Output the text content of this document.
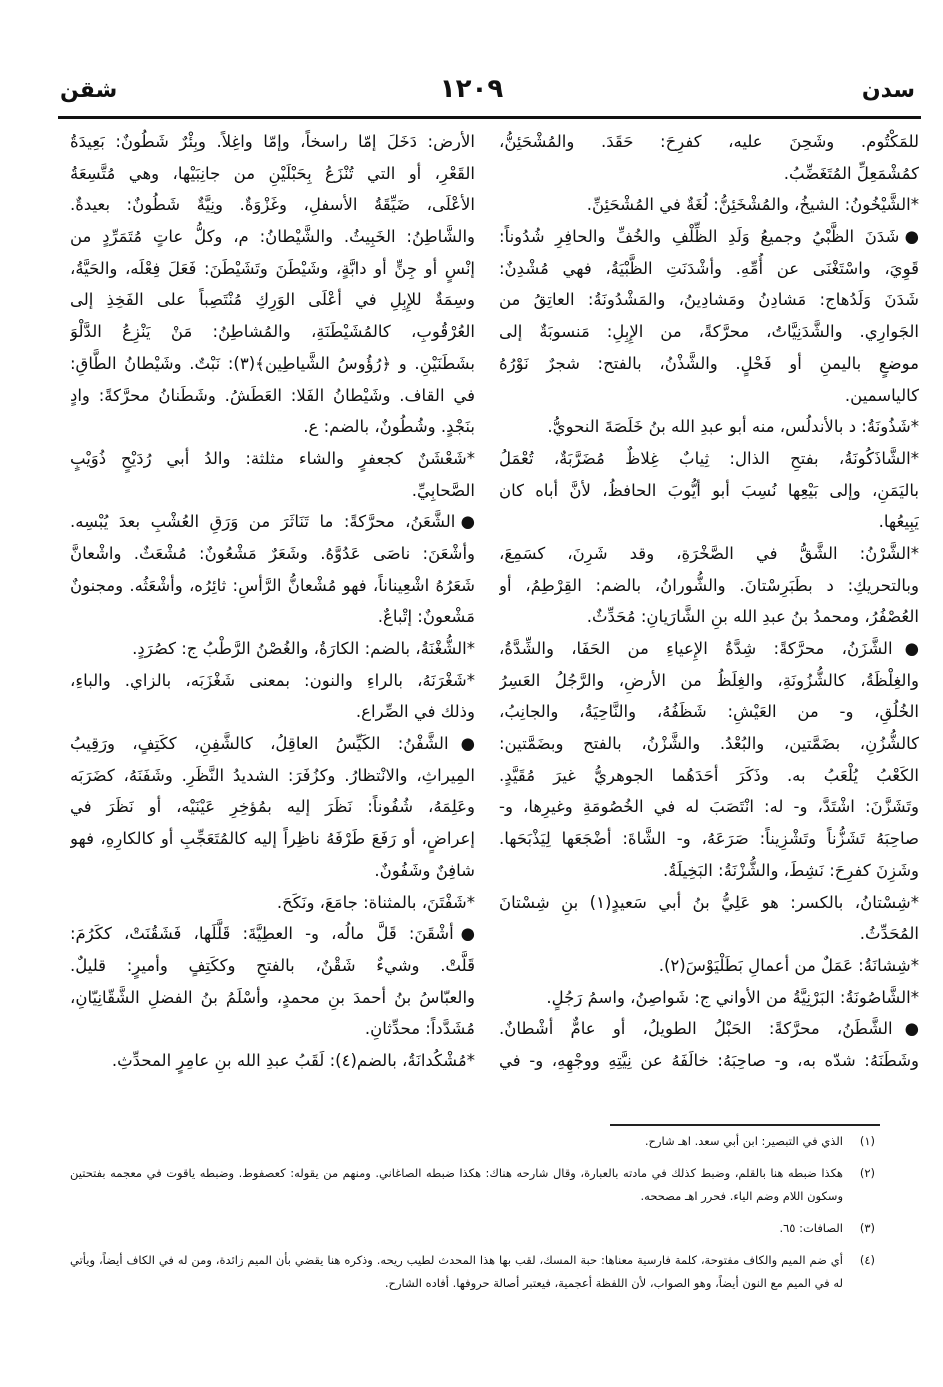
سدن
١٢٠٩
شقن
للمَكْتُوم. وشَحِنَ عليه، كفرِحَ: حَقَدَ. والمُشْحَئِنُّ،
كمُشْمَعِلِّ المُتَغَضِّبُ.
*الشَّيْخُونُ: الشيخُ، والمُشْخَئِنُّ: لُغَةٌ في المُشْحَئِنِّ.
●شَدَنَ الظَّبْيُ وجميعُ وَلَدِ الظِّلْفِ والخُفِّ والحافِرِ شُدُوناً:
قَوِيَ، واسْتَغْنَى عن أُمِّهِ. وأشْدَنَتِ الظَّبْيَةُ، فهي مُشْدِنٌ:
شَدَنَ وَلَدُهاج: مَشادِنُ ومَشادِينُ، والمَشْدُونَةُ: العاتِقُ من
الجَوارِي. والشَّدَنِيَّاتُ، محرَّكةً، من الإِبِلِ: مَنسوبَةٌ إلى
موضعٍ باليمنِ أو فَحْلٍ. والشَّذْنُ، بالفتح: شجرٌ نَوْرُهُ
كالياسمين.
*شَذُونَةُ: د بالأندلُس، منه أبو عبدِ الله بنُ خَلَصَةَ النحويُّ.
*الشَّاذَكُونَةُ، بفتحِ الذال: ثِيابٌ غِلاظٌ مُضَرَّبَةٌ، تُعْمَلُ
باليَمَنِ، وإلى بَيْعِها نُسِبَ أبو أيُّوبَ الحافظُ، لأنَّ أباه كان
يَبِيعُها.
*الشَّرْنُ: الشَّقُّ في الصَّخْرَةِ، وقد شَرِنَ، كسَمِعَ،
وبالتحريكِ: د بطَبَرِسْتانَ. والشُّورانُ، بالضم: القِرْطِمُ، أو
العُصْفُرُ، ومحمدُ بنُ عبدِ الله بنِ الشَّارَيانِ: مُحَدِّثٌ.
●الشَّزَنُ، محرَّكةً: شِدَّةُ الإِعياءِ من الحَفَا، والشِّدَّةُ،
والغِلْظَةُ، كالشُّزُونَةِ، والغِلَظُ من الأرضِ، والرَّجُلُ العَسِرُ
الخُلُقِ، و- من العَيْشِ: شَظَفُهُ، والنَّاحِيَةُ، والجانِبُ،
كالشُّزُنِ، بضَمَّتين، والبُعْدُ. والشَّزْنُ، بالفتح وبضَمَّتين:
الكَعْبُ يُلْعَبُ به. وذَكَرَ أحَدَهُما الجوهريُّ غيرَ مُقَيَّدٍ.
وتَشَزَّنَ: اشْتَدَّ، و- له: انْتَصَبَ له في الخُصُومَةِ وغيرِها، و-
صاحِبَهُ تَشَزُّناً وتَشْزِيناً: صَرَعَهُ، و- الشَّاةَ: أضْجَعَها لِيَذْبَحَها.
وشَزِنَ كفرِحَ: نَشِطَ، والشُّزْنَةُ: البَخِيلَةُ.
*شِسْتانُ، بالكسر: هو عَلِيُّ بنُ أبي سَعيدٍ(١) بنِ شِسْتانَ
المُحَدِّثُ.
*شِشانَةُ: عَمَلٌ من أعمالِ بَطَلْيَوْسَ(٢).
*الشَّاصُونَةُ: البَرْنِيَّةُ من الأواني ج: شَواصِنُ، واسمُ رَجُلٍ.
●الشَّطَنُ، محرَّكةً: الحَبْلُ الطويلُ، أو عامٌّ أشْطانٌ.
وشَطَنَهُ: شدّه به، و- صاحِبَهُ: خالَفَهُ عن نِيَّتِهِ ووجْهِهِ، و- في
الأرض: دَخَلَ إمّا راسخاً، وإمّا واغِلاً. وبِئْرٌ شَطُونٌ: بَعِيدَةُ
القَعْرِ، أو التي تُنْزَعُ بِحَبْلَيْنِ من جانِبَيْها، وهي مُتَّسِعَةُ
الأعْلَى، ضَيِّقَةُ الأسفلِ، وغَزْوَةٌ. ونِيَّةٌ شَطُونٌ: بعيدةٌ.
والشَّاطِنُ: الخَبِيثُ. والشَّيْطانُ: م، وكلُّ عاتٍ مُتَمَرِّدٍ من
إنْسٍ أو جِنٍّ أو دابَّةٍ، وشَيْطَنَ وتَشَيْطَنَ: فَعَلَ فِعْلَه، والحَيَّةُ،
وسِمَةٌ للإِبِلِ في أعْلَى الوَرِكِ مُنْتَصِباً على الفَخِذِ إلى
العُرْقُوبِ، كالمُشَيْطَنَةِ، والمُشاطِنُ: مَنْ يَنْزِعُ الدَّلْوَ
بشَطَنَيْنِ. و ﴿رُؤُوسُ الشَّياطِين﴾(٣): نَبْتٌ. وشَيْطانُ الطَّاقِ:
في القاف. وشَيْطانُ الفَلا: العَطَشُ. وشَطَنانُ محرَّكةً: وادٍ
بنَجْدٍ. وشُطُونٌ، بالضم: ع.
*شَعْشَنٌ كجعفرٍ والشاء مثلثة: والدُ أبي رُدَيْحٍ ذُوَيْبٍ
الصَّحابِيِّ.
●الشَّعَنُ، محرَّكةً: ما تَنَاثَرَ من وَرَقِ العُشْبِ بعدَ يُبْسِه.
وأشْعَنَ: ناصَى عَدُوَّهُ. وشَعَرٌ مَشْعُونٌ: مُشْعَثٌ. واشْعانَّ
شَعَرُهُ اشْعِيناناً، فهو مُشْعانُّ الرَّأسِ: ثائِرُه، وأشْعَثُه. ومجنونٌ
مَشْعونٌ: إتْباعٌ.
*الشُّغْنَةُ، بالضم: الكارَةُ، والغُصْنُ الرَّطْبُ ج: كصُرَدٍ.
*شَغْرَنَهُ، بالراءِ والنون: بمعنى شَغْزَبَه، بالزاي. والباءِ،
وذلك في الصِّراع.
●الشَّفْنُ: الكَيِّسُ العاقِلُ، كالشَّفِنِ، ككَتِفٍ، ورَقِيبُ
المِيراثِ، والانْتظارُ. وكزُفَرَ: الشديدُ النَّظَرِ. وشَفَنَهُ، كضَرَبَه
وعَلِمَهُ، شُفُوناً: نَظَرَ إليه بمُؤخِرِ عَيْنَيْه، أو نَظَرَ في
إعراضٍ، أو رَفَعَ طَرْفَهُ ناظِراً إليه كالمُتَعَجِّبِ أو كالكارِهِ، فهو
شافِنٌ وشَفُونٌ.
*شَفْتَنَ، بالمثناة: جامَعَ، ونَكَحَ.
●أشْقَنَ: قَلَّ مالُه، و- العطِيَّةَ: قَلَّلَها، فَشَقُنَتْ، ككَرُمَ:
قَلَّتْ. وشيءٌ شَقْنٌ، بالفتحِ وككَتِفٍ وأميرٍ: قليلٌ.
والعبّاسُ بنُ أحمدَ بنِ محمدٍ، وأسْلَمُ بنُ الفضلِ الشَّقّانِيّانِ،
مُشَدَّداً: محدِّثانِ.
*مُشْكُدانَةُ، بالضم(٤): لَقَبُ عبدِ الله بنِ عامِرٍ المحدِّثِ.
(١)
الذي في التبصير: ابن أبي سعد. اهـ شارح.
(٢)
هكذا ضبطه هنا بالقلم، وضبط كذلك في مادته بالعبارة، وقال شارحه هناك: هكذا ضبطه الصاغاني. ومنهم من يقوله: كعصفوط. وضبطه ياقوت في معجمه بفتحتين وسكون اللام وضم الياء. فحرر اهـ مصححه.
(٣)
الصافات: ٦٥.
(٤)
أي ضم الميم والكاف مفتوحة، كلمة فارسية معناها: حبة المسك، لقب بها هذا المحدث لطيب ريحه. وذكره هنا يقضي بأن الميم زائدة، ومن له في الكاف أيضاً، ويأتي له في الميم مع النون أيضاً، وهو الصواب، لأن اللفظة أعجمية، فيعتبر أصالة حروفها. أفاده الشارح.
